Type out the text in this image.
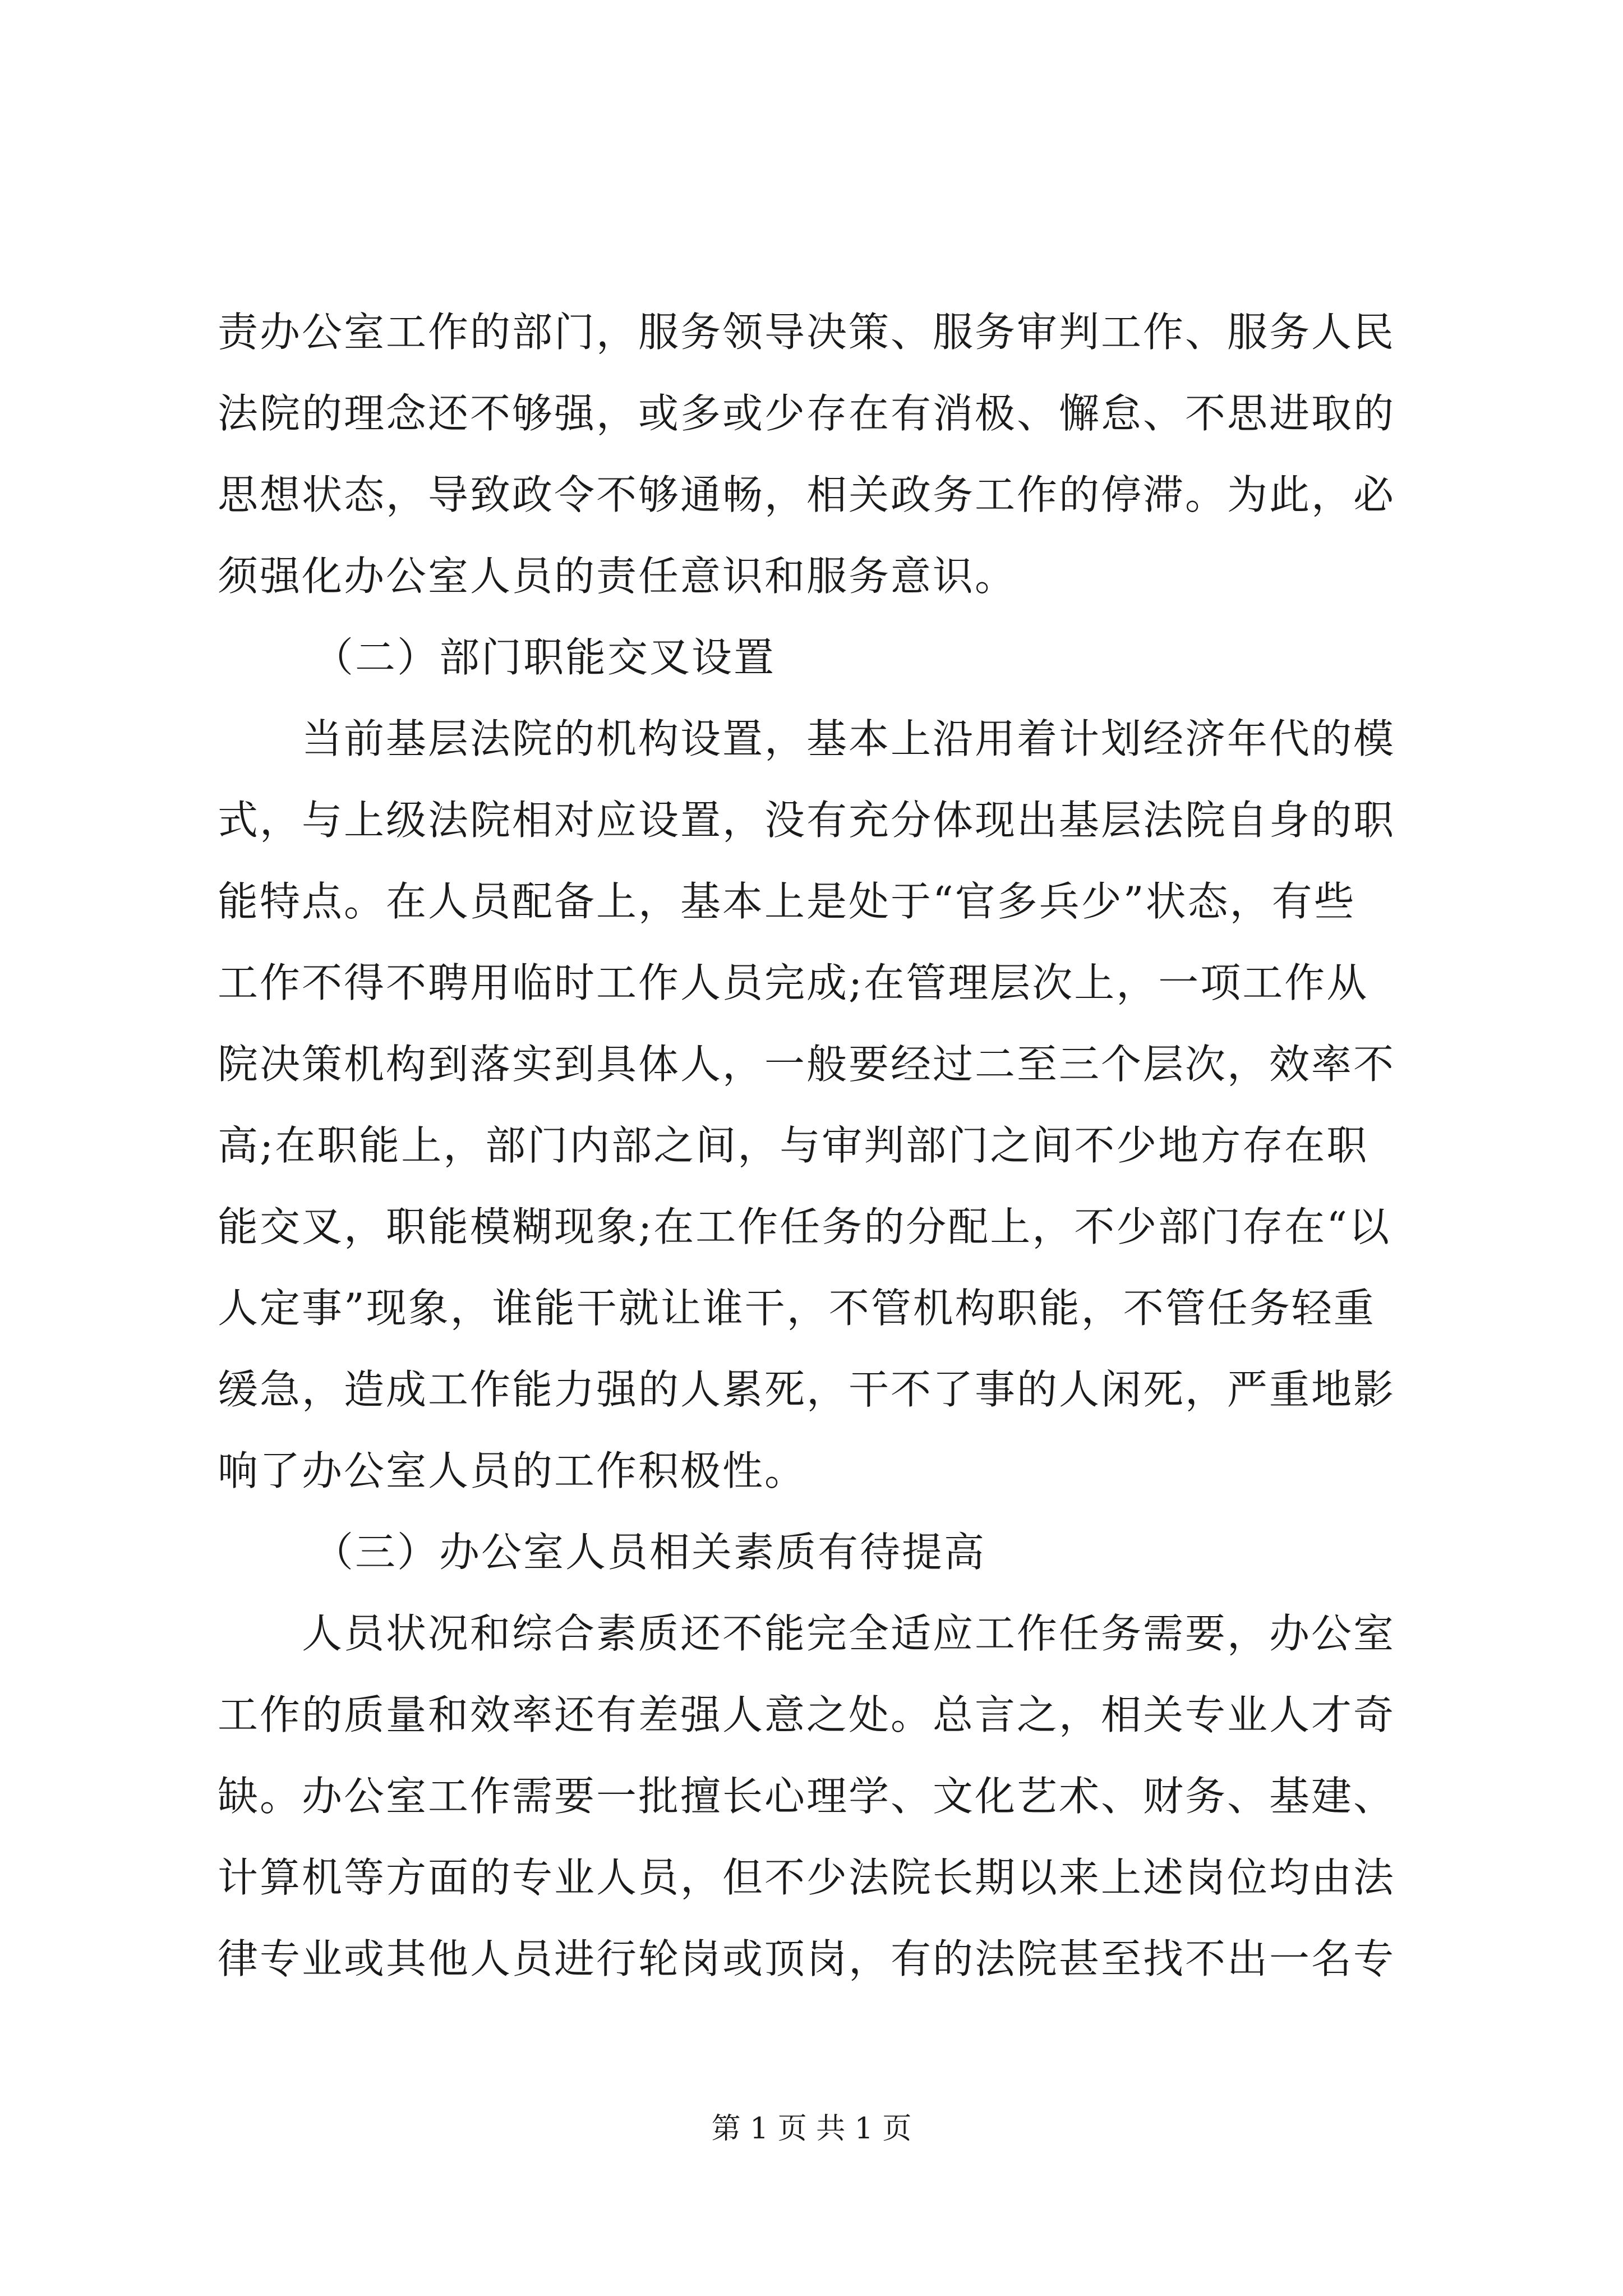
责办公室工作的部门，服务领导决策、服务审判工作、服务人民
法院的理念还不够强，或多或少存在有消极、懈怠、不思进取的
思想状态，导致政令不够通畅，相关政务工作的停滞。为此，必
须强化办公室人员的责任意识和服务意识。
（二）部门职能交叉设置
当前基层法院的机构设置，基本上沿用着计划经济年代的模
式，与上级法院相对应设置，没有充分体现出基层法院自身的职
能特点。在人员配备上，基本上是处于“官多兵少”状态，有些
工作不得不聘用临时工作人员完成;在管理层次上，一项工作从
院决策机构到落实到具体人，一般要经过二至三个层次，效率不
高;在职能上，部门内部之间，与审判部门之间不少地方存在职
能交叉，职能模糊现象;在工作任务的分配上，不少部门存在“以
人定事”现象，谁能干就让谁干，不管机构职能，不管任务轻重
缓急，造成工作能力强的人累死，干不了事的人闲死，严重地影
响了办公室人员的工作积极性。
（三）办公室人员相关素质有待提高
人员状况和综合素质还不能完全适应工作任务需要，办公室
工作的质量和效率还有差强人意之处。总言之，相关专业人才奇
缺。办公室工作需要一批擅长心理学、文化艺术、财务、基建、
计算机等方面的专业人员，但不少法院长期以来上述岗位均由法
律专业或其他人员进行轮岗或顶岗，有的法院甚至找不出一名专
第 1 页 共 1 页
